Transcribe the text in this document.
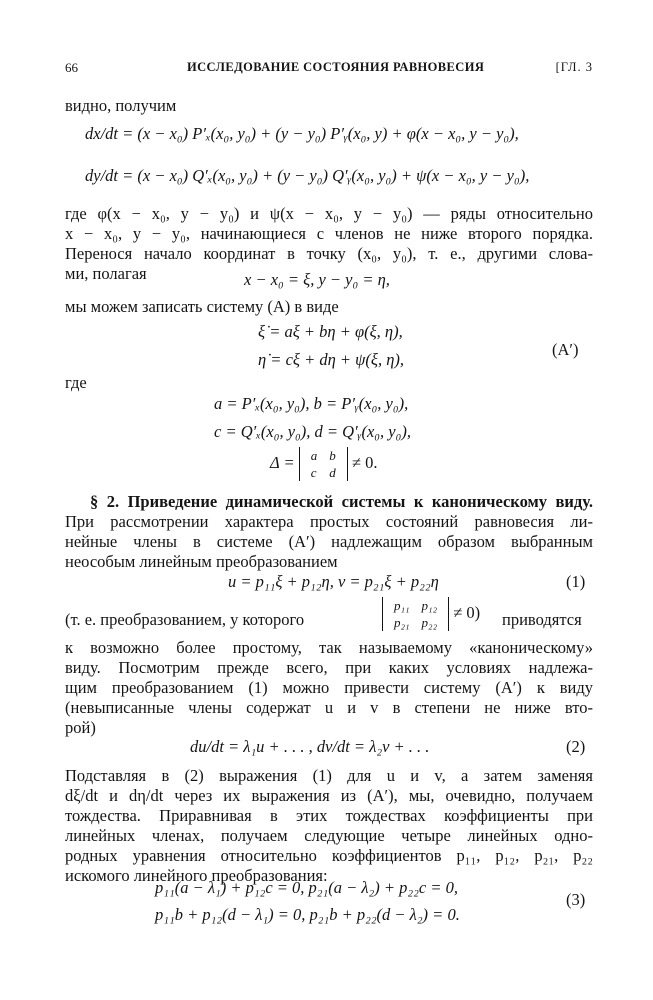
66	ИССЛЕДОВАНИЕ СОСТОЯНИЯ РАВНОВЕСИЯ	[ГЛ. 3
видно, получим
dx/dt = (x − x₀) P′ₓ(x₀, y₀) + (y − y₀) P′ᵧ(x₀, y) + φ(x − x₀, y − y₀),
dy/dt = (x − x₀) Q′ₓ(x₀, y₀) + (y − y₀) Q′ᵧ(x₀, y₀) + ψ(x − x₀, y − y₀),
где φ(x − x₀, y − y₀) и ψ(x − x₀, y − y₀) — ряды относительно
x − x₀, y − y₀, начинающиеся с членов не ниже второго порядка.
Перенося начало координат в точку (x₀, y₀), т. е., другими слова-
ми, полагая	x − x₀ = ξ, y − y₀ = η,
мы можем записать систему (A) в виде
ξ̇ = aξ + bη + φ(ξ, η),
η̇ = cξ + dη + ψ(ξ, η),
(A′)
где
a = P′ₓ(x₀, y₀), b = P′ᵧ(x₀, y₀),
c = Q′ₓ(x₀, y₀), d = Q′ᵧ(x₀, y₀),
Δ = a	b
c	d
≠ 0.
§ 2. Приведение динамической системы к каноническому виду.
При рассмотрении характера простых состояний равновесия ли-
нейные члены в системе (A′) надлежащим образом выбранным
неособым линейным преобразованием
u = p₁₁ξ + p₁₂η, v = p₂₁ξ + p₂₂η	(1)
(т. е. преобразованием, у которого
p₁₁	p₁₂
p₂₁	p₂₂
≠ 0) приводятся
к возможно более простому, так называемому «каноническому»
виду. Посмотрим прежде всего, при каких условиях надлежа-
щим преобразованием (1) можно привести систему (A′) к виду
(невыписанные члены содержат u и v в степени не ниже вто-
рой)
du/dt = λ₁u + . . . , dv/dt = λ₂v + . . .	(2)
Подставляя в (2) выражения (1) для u и v, а затем заменяя
dξ/dt и dη/dt через их выражения из (A′), мы, очевидно, получаем
тождества. Приравнивая в этих тождествах коэффициенты при
линейных членах, получаем следующие четыре линейных одно-
родных уравнения относительно коэффициентов p₁₁, p₁₂, p₂₁, p₂₂
искомого линейного преобразования:
p₁₁(a − λ₁) + p₁₂c = 0, p₂₁(a − λ₂) + p₂₂c = 0,
p₁₁b + p₁₂(d − λ₁) = 0, p₂₁b + p₂₂(d − λ₂) = 0.
(3)
